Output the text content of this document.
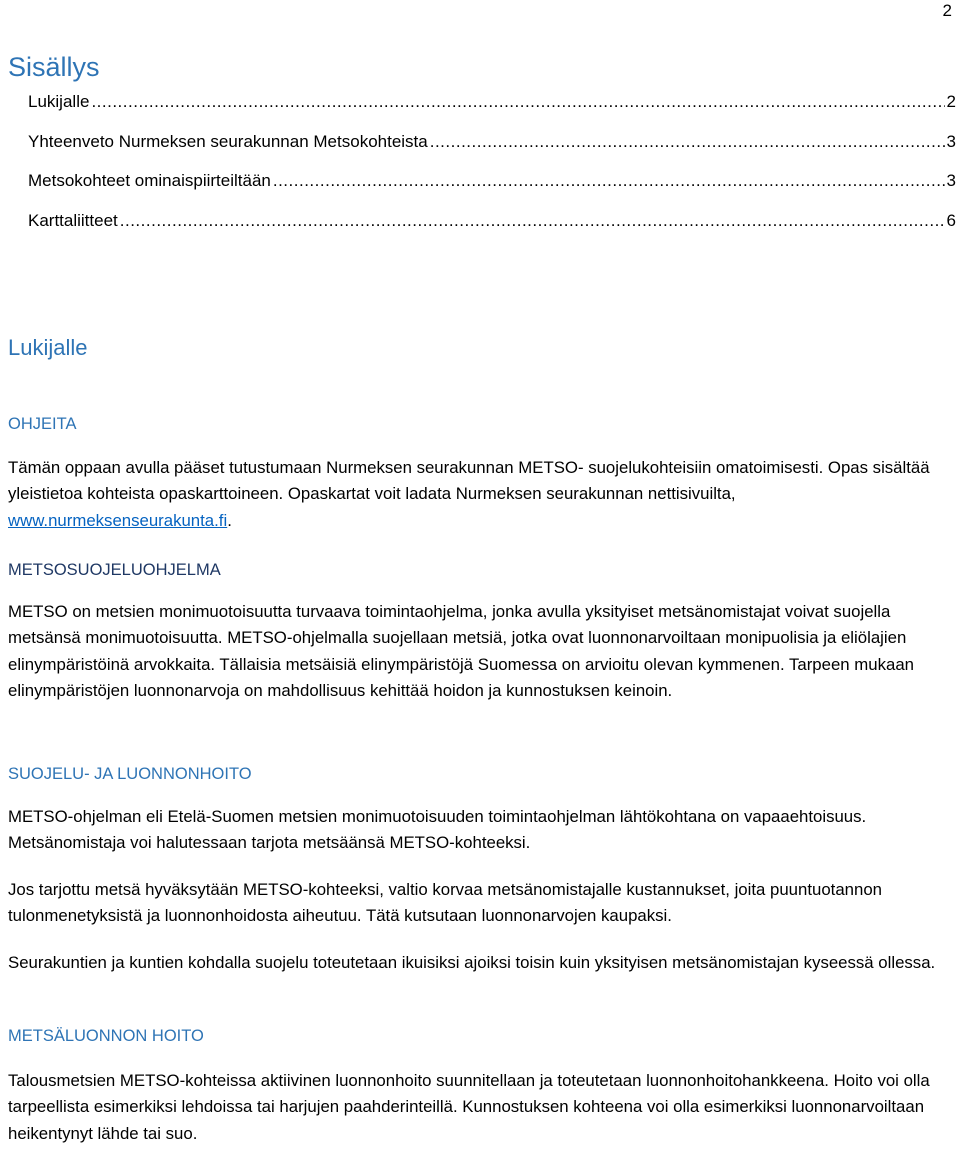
2
Sisällys
Lukijalle .....	2
Yhteenveto Nurmeksen seurakunnan Metsokohteista .....	3
Metsokohteet ominaispiirteiltään .....	3
Karttaliitteet .....	6
Lukijalle
OHJEITA

Tämän oppaan avulla pääset tutustumaan Nurmeksen seurakunnan METSO- suojelukohteisiin omatoimisesti. Opas sisältää yleistietoa kohteista opaskarttoineen. Opaskartat voit ladata Nurmeksen seurakunnan nettisivuilta, www.nurmeksenseurakunta.fi.

METSOSUOJELUOHJELMA

METSO on metsien monimuotoisuutta turvaava toimintaohjelma, jonka avulla yksityiset metsänomistajat voivat suojella metsänsä monimuotoisuutta. METSO-ohjelmalla suojellaan metsiä, jotka ovat luonnonarvoiltaan monipuolisia ja eliölajien elinympäristöinä arvokkaita. Tällaisia metsäisiä elinympäristöjä Suomessa on arvioitu olevan kymmenen. Tarpeen mukaan elinympäristöjen luonnonarvoja on mahdollisuus kehittää hoidon ja kunnostuksen keinoin.

SUOJELU- JA LUONNONHOITO

METSO-ohjelman eli Etelä-Suomen metsien monimuotoisuuden toimintaohjelman lähtökohtana on vapaaehtoisuus. Metsänomistaja voi halutessaan tarjota metsäänsä METSO-kohteeksi.

Jos tarjottu metsä hyväksytään METSO-kohteeksi, valtio korvaa metsänomistajalle kustannukset, joita puuntuotannon tulonmenetyksistä ja luonnonhoidosta aiheutuu. Tätä kutsutaan luonnonarvojen kaupaksi.

Seurakuntien ja kuntien kohdalla suojelu toteutetaan ikuisiksi ajoiksi toisin kuin yksityisen metsänomistajan kyseessä ollessa.

METSÄLUONNON HOITO

Talousmetsien METSO-kohteissa aktiivinen luonnonhoito suunnitellaan ja toteutetaan luonnonhoitohankkeena. Hoito voi olla tarpeellista esimerkiksi lehdoissa tai harjujen paahderinteillä. Kunnostuksen kohteena voi olla esimerkiksi luonnonarvoiltaan heikentynyt lähde tai suo.
